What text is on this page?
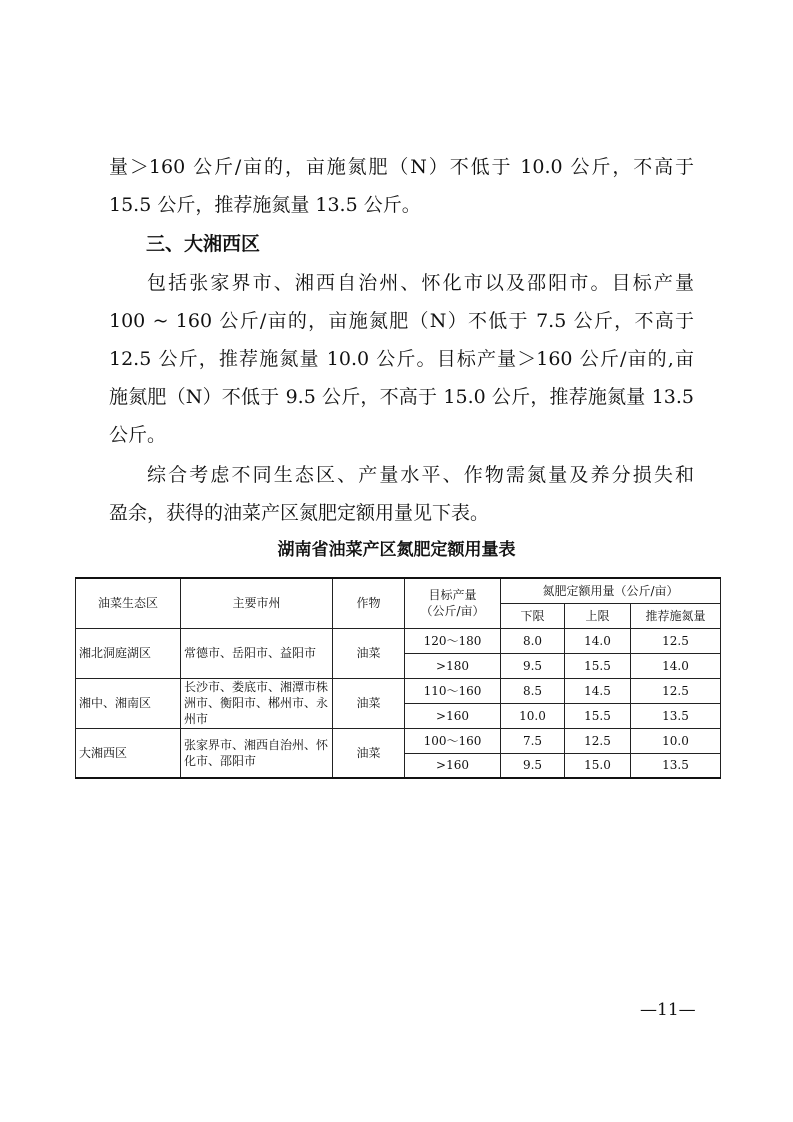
量＞160 公斤/亩的，亩施氮肥（N）不低于 10.0 公斤，不高于
15.5 公斤，推荐施氮量 13.5 公斤。

三、大湘西区

包括张家界市、湘西自治州、怀化市以及邵阳市。目标产量
100 ~ 160 公斤/亩的，亩施氮肥（N）不低于 7.5 公斤，不高于
12.5 公斤，推荐施氮量 10.0 公斤。目标产量＞160 公斤/亩的,亩
施氮肥（N）不低于 9.5 公斤，不高于 15.0 公斤，推荐施氮量 13.5
公斤。

综合考虑不同生态区、产量水平、作物需氮量及养分损失和
盈余，获得的油菜产区氮肥定额用量见下表。

湖南省油菜产区氮肥定额用量表
油菜生态区	主要市州	作物	目标产量
（公斤/亩）	氮肥定额用量（公斤/亩）		
				下限	上限	推荐施氮量
湘北洞庭湖区	常德市、岳阳市、益阳市	油菜	120～180	8.0	14.0	12.5
			>180	9.5	15.5	14.0
湘中、湘南区	长沙市、娄底市、湘潭市株洲市、衡阳市、郴州市、永州市	油菜	110～160	8.5	14.5	12.5
			>160	10.0	15.5	13.5
大湘西区	张家界市、湘西自治州、怀化市、邵阳市	油菜	100～160	7.5	12.5	10.0
			>160	9.5	15.0	13.5
—11—
